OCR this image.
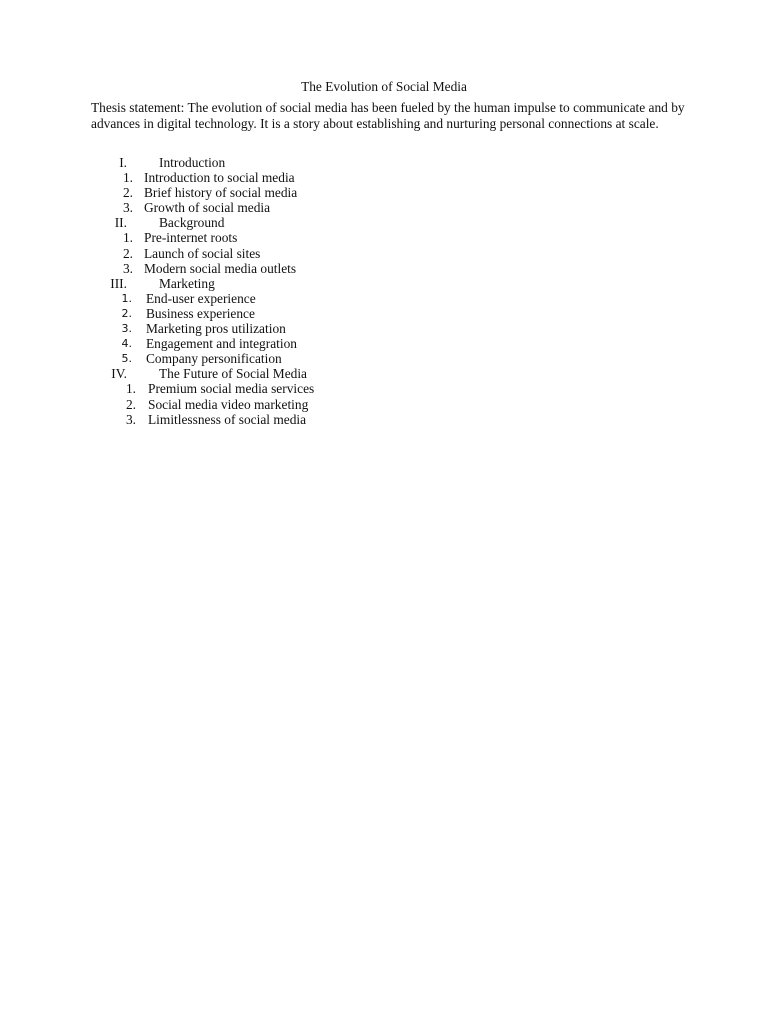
The Evolution of Social Media
Thesis statement: The evolution of social media has been fueled by the human impulse to communicate and by advances in digital technology. It is a story about establishing and nurturing personal connections at scale.
I. Introduction
1. Introduction to social media
2. Brief history of social media
3. Growth of social media
II. Background
1. Pre-internet roots
2. Launch of social sites
3. Modern social media outlets
III. Marketing
1. End-user experience
2. Business experience
3. Marketing pros utilization
4. Engagement and integration
5. Company personification
IV. The Future of Social Media
1. Premium social media services
2. Social media video marketing
3. Limitlessness of social media
